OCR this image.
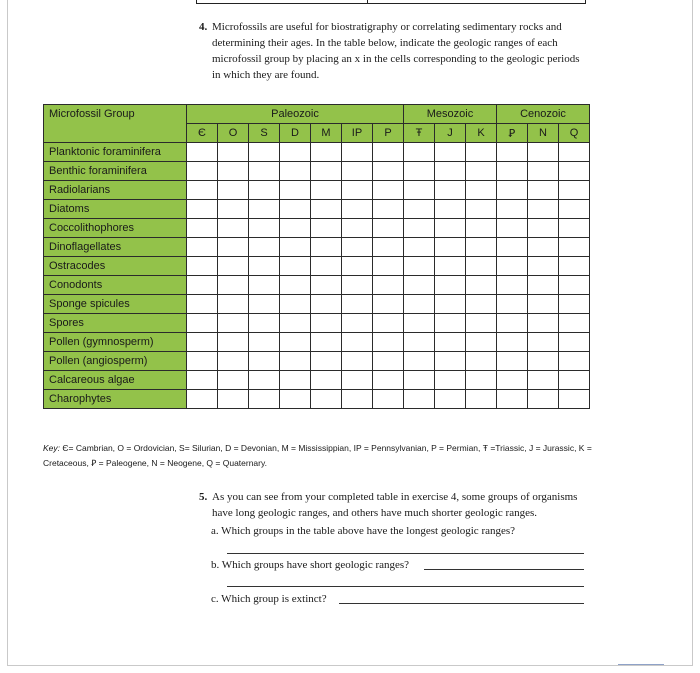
4. Microfossils are useful for biostratigraphy or correlating sedimentary rocks and determining their ages. In the table below, indicate the geologic ranges of each microfossil group by placing an x in the cells corresponding to the geologic periods in which they are found.
Microfossil Group	Paleozoic							Mesozoic			Cenozoic		
	Є	O	S	D	M	IP	P	Ŧ	J	K	Ꝑ	N	Q
Planktonic foraminifera													
Benthic foraminifera													
Radiolarians													
Diatoms													
Coccolithophores													
Dinoflagellates													
Ostracodes													
Conodonts													
Sponge spicules													
Spores													
Pollen (gymnosperm)													
Pollen (angiosperm)													
Calcareous algae													
Charophytes													
Key: Є= Cambrian, O = Ordovician, S= Silurian, D = Devonian, M = Mississippian, IP = Pennsylvanian, P = Permian, Ŧ =Triassic, J = Jurassic, K = Cretaceous, Ꝑ = Paleogene, N = Neogene, Q = Quaternary.
5. As you can see from your completed table in exercise 4, some groups of organisms have long geologic ranges, and others have much shorter geologic ranges.
a. Which groups in the table above have the longest geologic ranges?
b. Which groups have short geologic ranges?
c. Which group is extinct?
